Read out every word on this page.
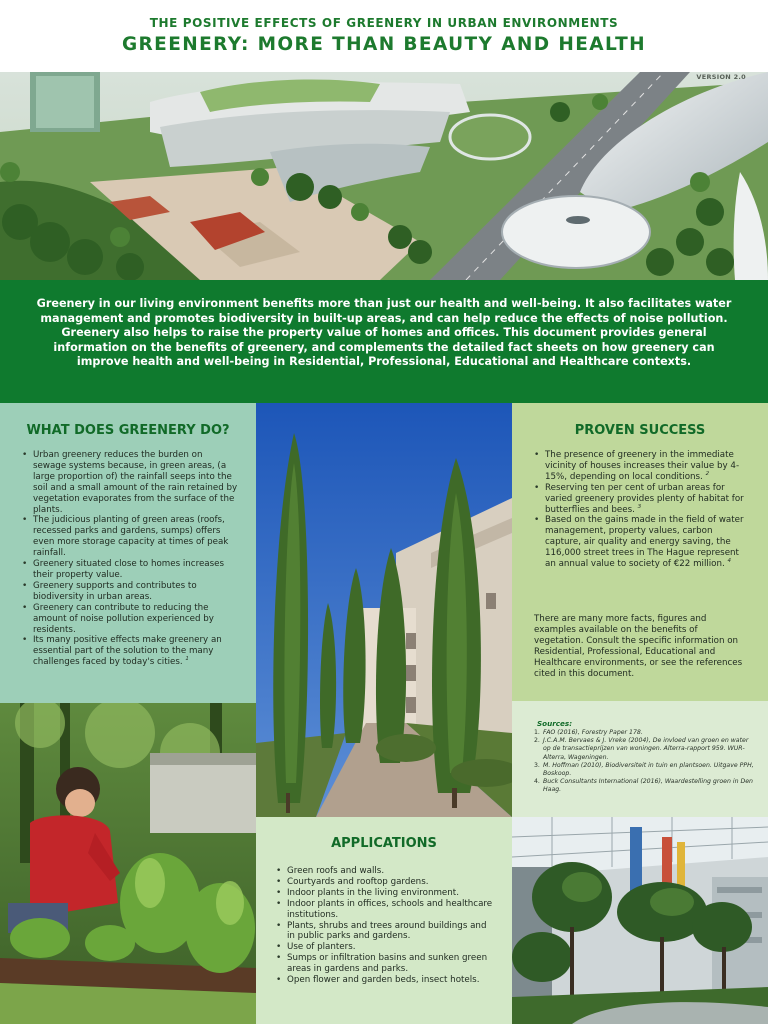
THE POSITIVE EFFECTS OF GREENERY IN URBAN ENVIRONMENTS
GREENERY: MORE THAN BEAUTY AND HEALTH
VERSION 2.0

Greenery in our living environment benefits more than just our health and well-being. It also facilitates water management and promotes biodiversity in built-up areas, and can help reduce the effects of noise pollution. Greenery also helps to raise the property value of homes and offices. This document provides general information on the benefits of greenery, and complements the detailed fact sheets on how greenery can improve health and well-being in Residential, Professional, Educational and Healthcare contexts.

WHAT DOES GREENERY DO?
• Urban greenery reduces the burden on sewage systems because, in green areas, (a large proportion of) the rainfall seeps into the soil and a small amount of the rain retained by vegetation evaporates from the surface of the plants.
• The judicious planting of green areas (roofs, recessed parks and gardens, sumps) offers even more storage capacity at times of peak rainfall.
• Greenery situated close to homes increases their property value.
• Greenery supports and contributes to biodiversity in urban areas.
• Greenery can contribute to reducing the amount of noise pollution experienced by residents.
• Its many positive effects make greenery an essential part of the solution to the many challenges faced by today's cities. $^1$
PROVEN SUCCESS
• The presence of greenery in the immediate vicinity of houses increases their value by 4-15%, depending on local conditions. $^2$
• Reserving ten per cent of urban areas for varied greenery provides plenty of habitat for butterflies and bees. $^3$
• Based on the gains made in the field of water management, property values, carbon capture, air quality and energy saving, the 116,000 street trees in The Hague represent an annual value to society of €22 million. $^4$
There are many more facts, figures and examples available on the benefits of vegetation. Consult the specific information on Residential, Professional, Educational and Healthcare environments, or see the references cited in this document.
Sources:
1. FAO (2016), Forestry Paper 178.
2. J.C.A.M. Bervaes & J. Vreke (2004), De invloed van groen en water op de transactieprijzen van woningen. Alterra-rapport 959. WUR-Alterra, Wageningen.
3. M. Hoffman (2010), Biodiversiteit in tuin en plantsoen. Uitgave PPH, Boskoop.
4. Buck Consultants International (2016), Waardestelling groen in Den Haag.
APPLICATIONS
• Green roofs and walls.
• Courtyards and rooftop gardens.
• Indoor plants in the living environment.
• Indoor plants in offices, schools and healthcare institutions.
• Plants, shrubs and trees around buildings and in public parks and gardens.
• Use of planters.
• Sumps or infiltration basins and sunken green areas in gardens and parks.
• Open flower and garden beds, insect hotels.
